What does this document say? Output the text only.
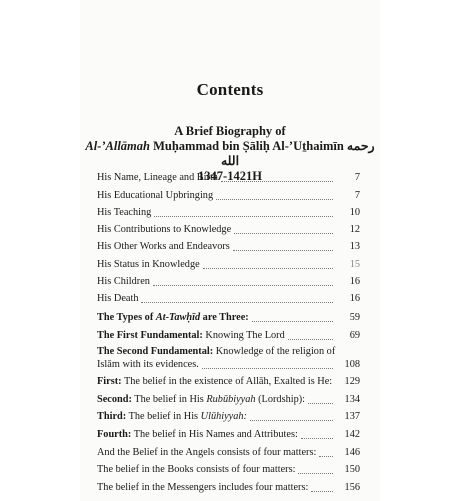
Contents
A Brief Biography of
Al-’Allāmah Muḥammad bin Ṣāliḥ Al-’Uṯhaimīn رحمه الله
1347-1421H
His Name, Lineage and Birth	7
His Educational Upbringing	7
His Teaching	10
His Contributions to Knowledge	12
His Other Works and Endeavors	13
His Status in Knowledge	15
His Children	16
His Death	16
The Types of At-Tawḥīd are Three:	59
The First Fundamental: Knowing The Lord	69
The Second Fundamental: Knowledge of the religion of
Islām with its evidences.	108
First: The belief in the existence of Allāh, Exalted is He:	129
Second: The belief in His Rubūbiyyah (Lordship):	134
Third: The belief in His Ulūhiyyah:	137
Fourth: The belief in His Names and Attributes:	142
And the Belief in the Angels consists of four matters:	146
The belief in the Books consists of four matters:	150
The belief in the Messengers includes four matters:	156
